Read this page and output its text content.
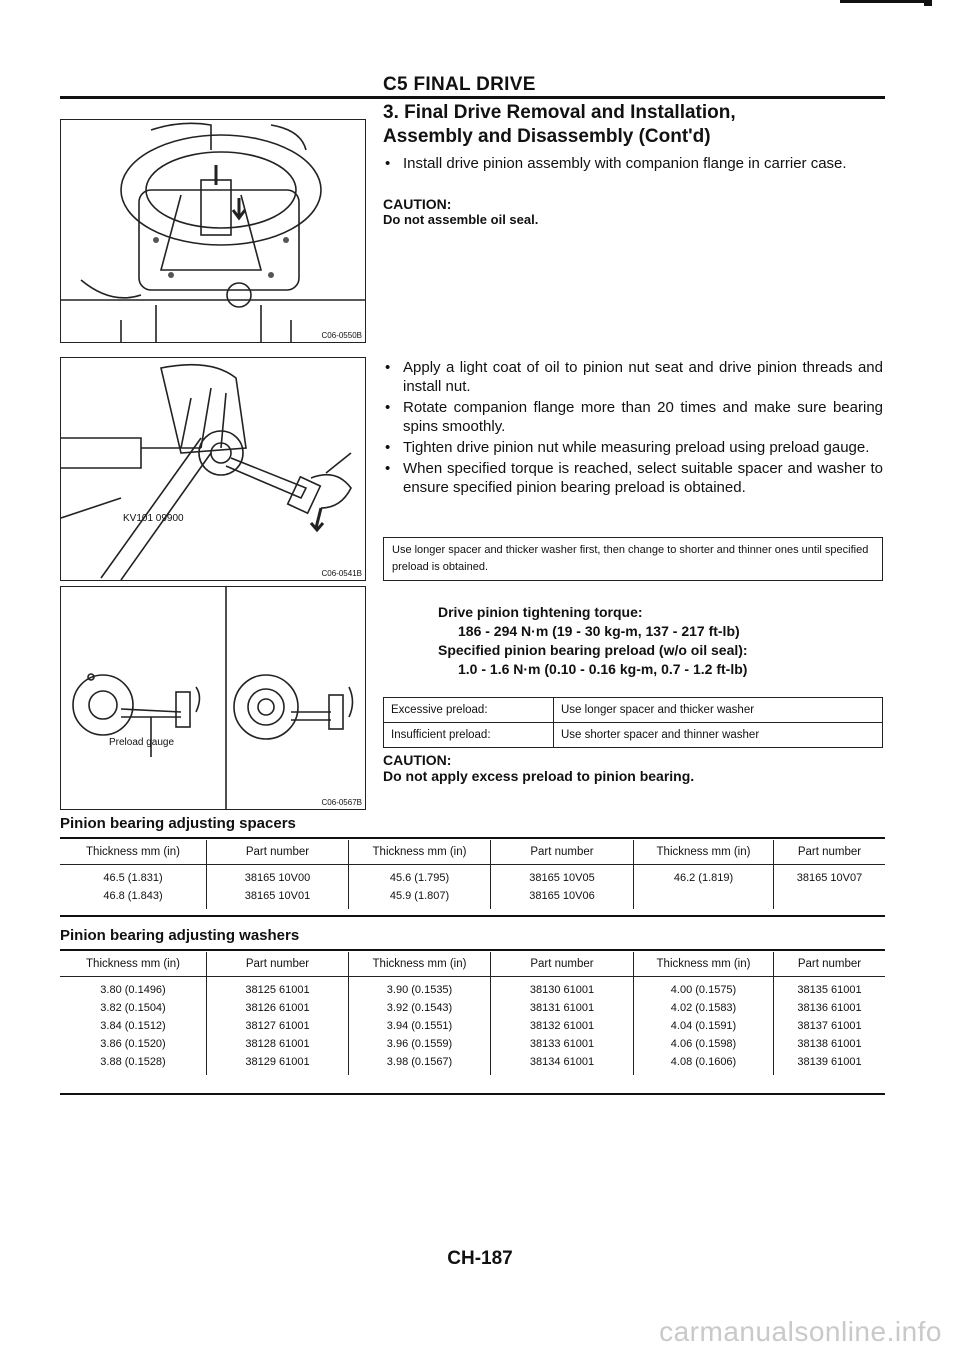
C5 FINAL DRIVE
3. Final Drive Removal and Installation,
Assembly and Disassembly (Cont'd)
• Install drive pinion assembly with companion flange in carrier case.
CAUTION:
Do not assemble oil seal.
• Apply a light coat of oil to pinion nut seat and drive pinion threads and install nut.
• Rotate companion flange more than 20 times and make sure bearing spins smoothly.
• Tighten drive pinion nut while measuring preload using preload gauge.
• When specified torque is reached, select suitable spacer and washer to ensure specified pinion bearing preload is obtained.
Use longer spacer and thicker washer first, then change to shorter and thinner ones until specified preload is obtained.
Drive pinion tightening torque:
186 - 294 N·m (19 - 30 kg-m, 137 - 217 ft-lb)
Specified pinion bearing preload (w/o oil seal):
1.0 - 1.6 N·m (0.10 - 0.16 kg-m, 0.7 - 1.2 ft-lb)
Excessive preload:	Use longer spacer and thicker washer
Insufficient preload:	Use shorter spacer and thinner washer
CAUTION:
Do not apply excess preload to pinion bearing.
C06-0550B
KV101 09900
C06-0541B
Preload gauge
C06-0567B
Pinion bearing adjusting spacers
Thickness mm (in)	Part number	Thickness mm (in)	Part number	Thickness mm (in)	Part number
46.5 (1.831)	38165 10V00	45.6 (1.795)	38165 10V05	46.2 (1.819)	38165 10V07
46.8 (1.843)	38165 10V01	45.9 (1.807)	38165 10V06		
Pinion bearing adjusting washers
Thickness mm (in)	Part number	Thickness mm (in)	Part number	Thickness mm (in)	Part number
3.80 (0.1496)	38125 61001	3.90 (0.1535)	38130 61001	4.00 (0.1575)	38135 61001
3.82 (0.1504)	38126 61001	3.92 (0.1543)	38131 61001	4.02 (0.1583)	38136 61001
3.84 (0.1512)	38127 61001	3.94 (0.1551)	38132 61001	4.04 (0.1591)	38137 61001
3.86 (0.1520)	38128 61001	3.96 (0.1559)	38133 61001	4.06 (0.1598)	38138 61001
3.88 (0.1528)	38129 61001	3.98 (0.1567)	38134 61001	4.08 (0.1606)	38139 61001
CH-187
carmanualsonline.info
